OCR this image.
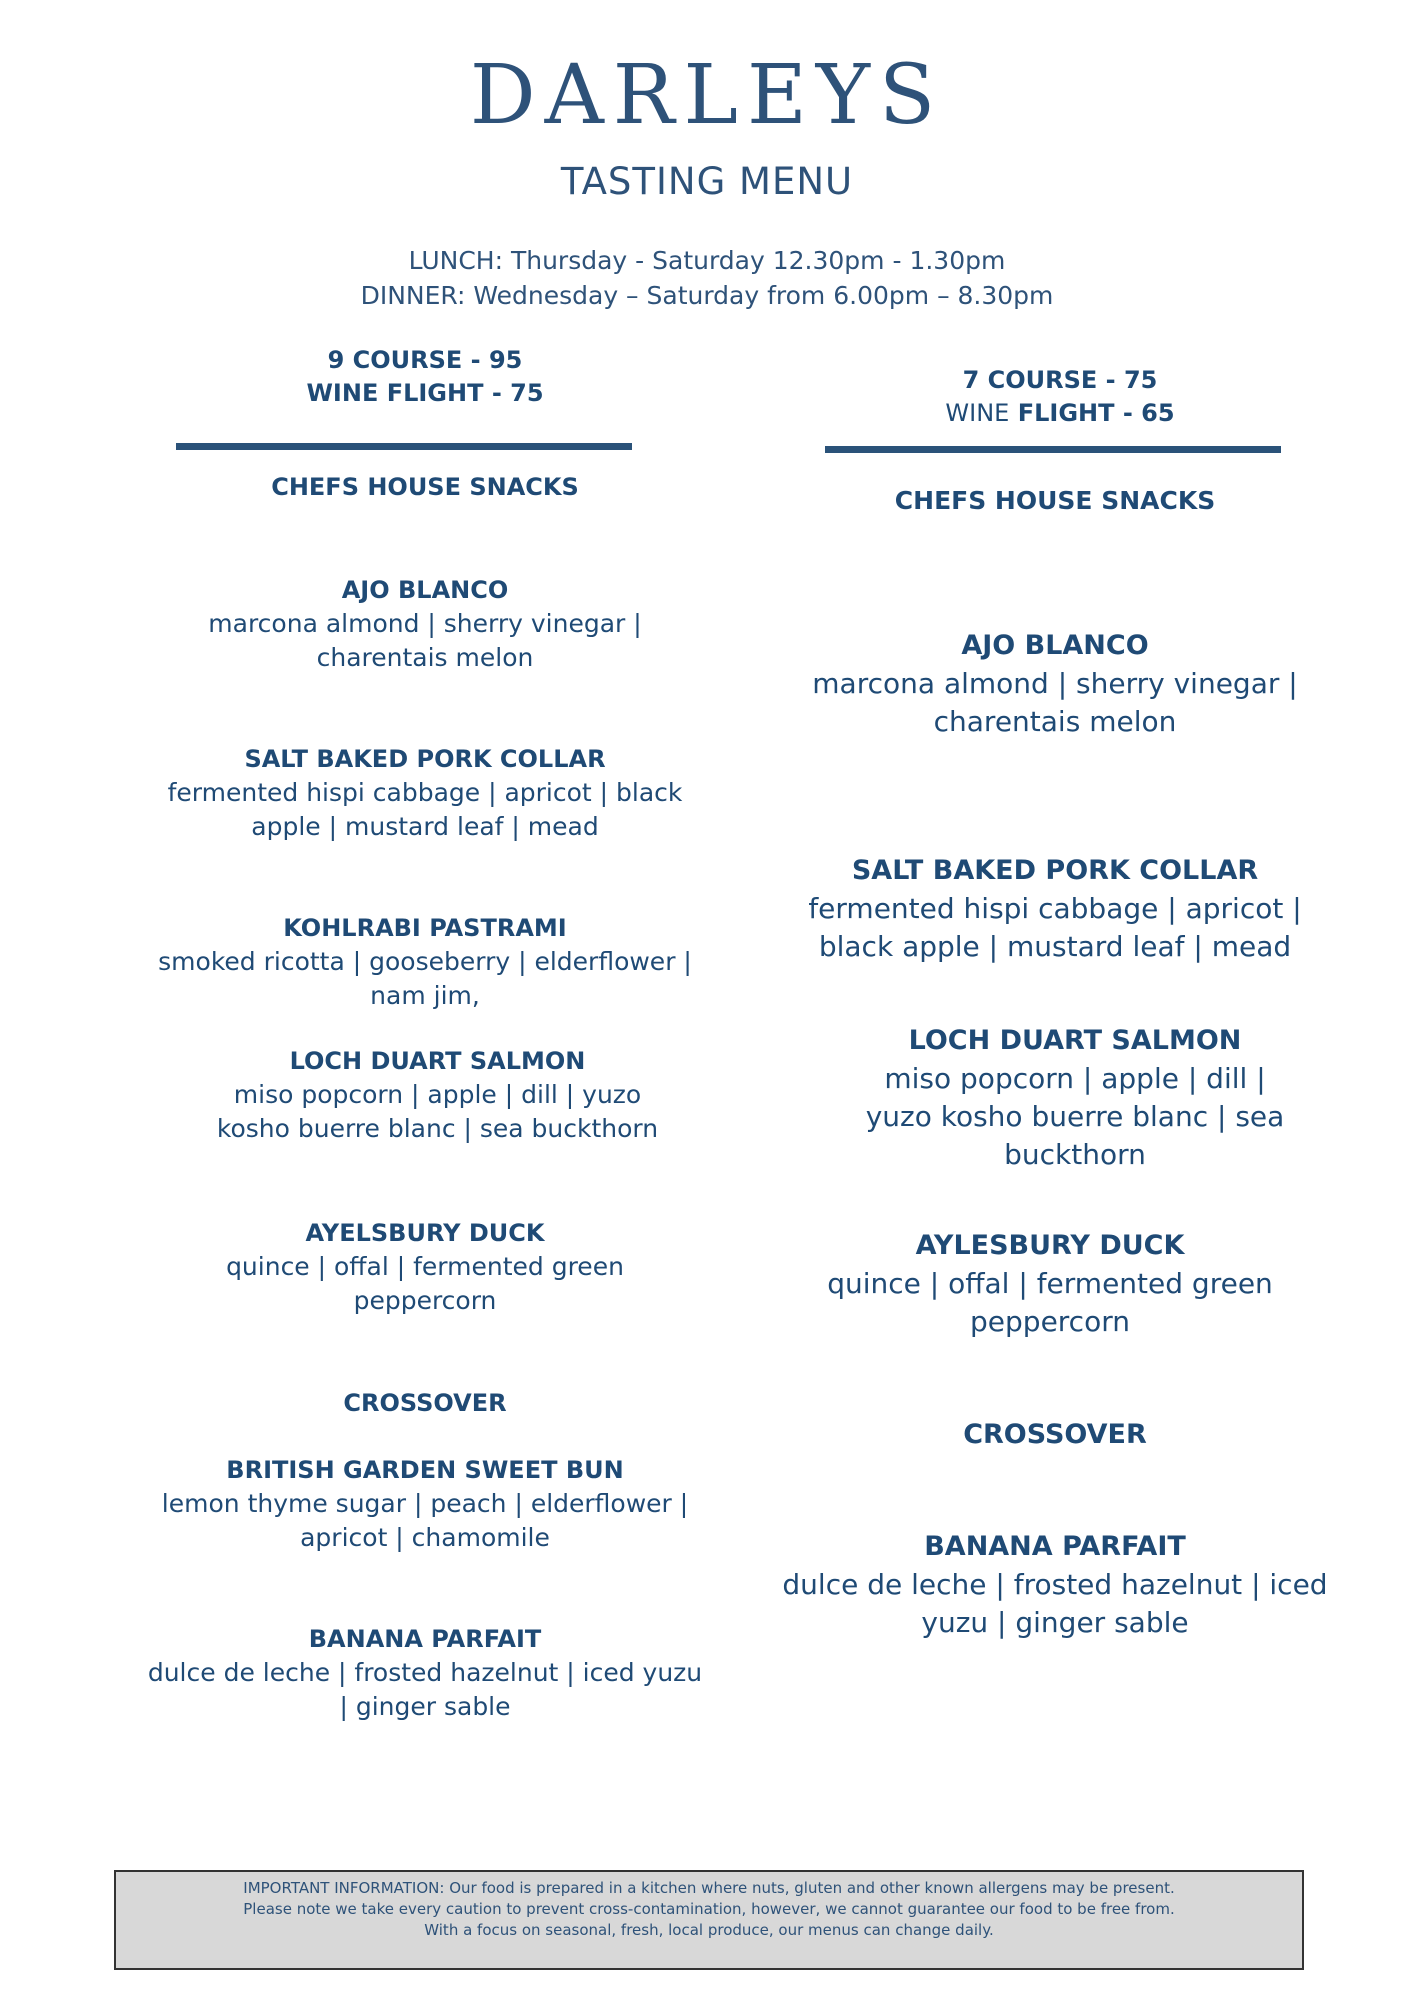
DARLEYS
TASTING MENU
LUNCH: Thursday - Saturday 12.30pm - 1.30pm
DINNER: Wednesday – Saturday from 6.00pm – 8.30pm
9 COURSE - 95
WINE FLIGHT - 75	7 COURSE - 75
WINE FLIGHT - 65
CHEFS HOUSE SNACKS
AJO BLANCO
marcona almond | sherry vinegar | charentais melon
SALT BAKED PORK COLLAR
fermented hispi cabbage | apricot | black apple | mustard leaf | mead
KOHLRABI PASTRAMI
smoked ricotta | gooseberry | elderflower | nam jim,
LOCH DUART SALMON
miso popcorn | apple | dill | yuzo kosho buerre blanc | sea buckthorn
AYELSBURY DUCK
quince | offal | fermented green peppercorn
CROSSOVER
BRITISH GARDEN SWEET BUN
lemon thyme sugar | peach | elderflower | apricot | chamomile
BANANA PARFAIT
dulce de leche | frosted hazelnut | iced yuzu | ginger sable
CHEFS HOUSE SNACKS
AJO BLANCO
marcona almond | sherry vinegar | charentais melon
SALT BAKED PORK COLLAR
fermented hispi cabbage | apricot | black apple | mustard leaf | mead
LOCH DUART SALMON
miso popcorn | apple | dill | yuzo kosho buerre blanc | sea buckthorn
AYLESBURY DUCK
quince | offal | fermented green peppercorn
CROSSOVER
BANANA PARFAIT
dulce de leche | frosted hazelnut | iced yuzu | ginger sable
IMPORTANT INFORMATION: Our food is prepared in a kitchen where nuts, gluten and other known allergens may be present.
Please note we take every caution to prevent cross-contamination, however, we cannot guarantee our food to be free from.
With a focus on seasonal, fresh, local produce, our menus can change daily.
